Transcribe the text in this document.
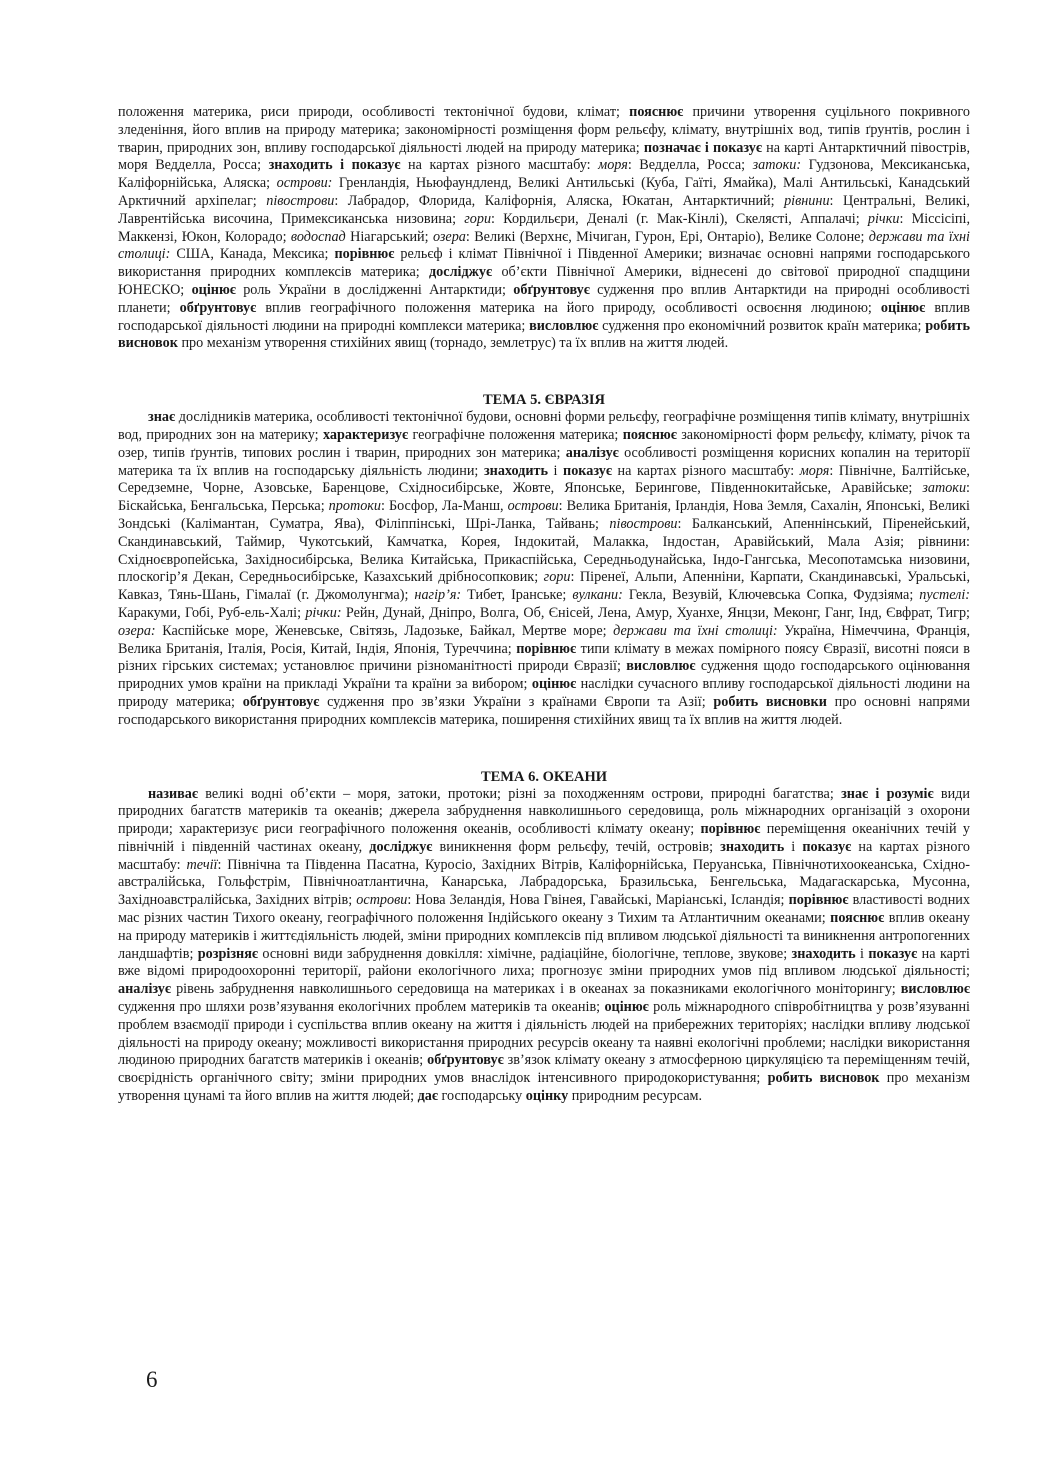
положення материка, риси природи, особливості тектонічної будови, клімат; пояснює причини утворення суцільного покривного зледеніння, його вплив на природу материка; закономірності розміщення форм рельєфу, клімату, внутрішніх вод, типів ґрунтів, рослин і тварин, природних зон, впливу господарської діяльності людей на природу материка; позначає і показує на карті Антарктичний півострів, моря Ведделла, Росса; знаходить і показує на картах різного масштабу: моря: Ведделла, Росса; затоки: Гудзонова, Мексиканська, Каліфорнійська, Аляска; острови: Гренландія, Ньюфаундленд, Великі Антильські (Куба, Гаїті, Ямайка), Малі Антильські, Канадський Арктичний архіпелаг; півострови: Лабрадор, Флорида, Каліфорнія, Аляска, Юкатан, Антарктичний; рівнини: Центральні, Великі, Лаврентійська височина, Примексиканська низовина; гори: Кордильєри, Деналі (г. Мак-Кінлі), Скелясті, Аппалачі; річки: Міссісіпі, Маккензі, Юкон, Колорадо; водоспад Ніагарський; озера: Великі (Верхнє, Мічиган, Гурон, Ері, Онтаріо), Велике Солоне; держави та їхні столиці: США, Канада, Мексика; порівнює рельєф і клімат Північної і Південної Америки; визначає основні напрями господарського використання природних комплексів материка; досліджує об’єкти Північної Америки, віднесені до світової природної спадщини ЮНЕСКО; оцінює роль України в дослідженні Антарктиди; обґрунтовує судження про вплив Антарктиди на природні особливості планети; обґрунтовує вплив географічного положення материка на його природу, особливості освоєння людиною; оцінює вплив господарської діяльності людини на природні комплекси материка; висловлює судження про економічний розвиток країн материка; робить висновок про механізм утворення стихійних явищ (торнадо, землетрус) та їх вплив на життя людей.

ТЕМА 5. ЄВРАЗІЯ

знає дослідників материка, особливості тектонічної будови, основні форми рельєфу, географічне розміщення типів клімату, внутрішніх вод, природних зон на материку; характеризує географічне положення материка; пояснює закономірності форм рельєфу, клімату, річок та озер, типів ґрунтів, типових рослин і тварин, природних зон материка; аналізує особливості розміщення корисних копалин на території материка та їх вплив на господарську діяльність людини; знаходить і показує на картах різного масштабу: моря: Північне, Балтійське, Середземне, Чорне, Азовське, Баренцове, Східносибірське, Жовте, Японське, Берингове, Південнокитайське, Аравійське; затоки: Біскайська, Бенгальська, Перська; протоки: Босфор, Ла-Манш, острови: Велика Британія, Ірландія, Нова Земля, Сахалін, Японські, Великі Зондські (Калімантан, Суматра, Ява), Філіппінські, Шрі-Ланка, Тайвань; півострови: Балканський, Апеннінський, Піренейський, Скандинавський, Таймир, Чукотський, Камчатка, Корея, Індокитай, Малакка, Індостан, Аравійський, Мала Азія; рівнини: Східноєвропейська, Західносибірська, Велика Китайська, Прикаспійська, Середньодунайська, Індо-Гангська, Месопотамська низовини, плоскогір’я Декан, Середньосибірське, Казахський дрібносопковик; гори: Піренеї, Альпи, Апенніни, Карпати, Скандинавські, Уральські, Кавказ, Тянь-Шань, Гімалаї (г. Джомолунгма); нагір’я: Тибет, Іранське; вулкани: Гекла, Везувій, Ключевська Сопка, Фудзіяма; пустелі: Каракуми, Гобі, Руб-ель-Халі; річки: Рейн, Дунай, Дніпро, Волга, Об, Єнісей, Лена, Амур, Хуанхе, Янцзи, Меконг, Ганг, Інд, Євфрат, Тигр; озера: Каспійське море, Женевське, Світязь, Ладозьке, Байкал, Мертве море; держави та їхні столиці: Україна, Німеччина, Франція, Велика Британія, Італія, Росія, Китай, Індія, Японія, Туреччина; порівнює типи клімату в межах помірного поясу Євразії, висотні пояси в різних гірських системах; установлює причини різноманітності природи Євразії; висловлює судження щодо господарського оцінювання природних умов країни на прикладі України та країни за вибором; оцінює наслідки сучасного впливу господарської діяльності людини на природу материка; обґрунтовує судження про зв’язки України з країнами Європи та Азії; робить висновки про основні напрями господарського використання природних комплексів материка, поширення стихійних явищ та їх вплив на життя людей.

ТЕМА 6. ОКЕАНИ

називає великі водні об’єкти – моря, затоки, протоки; різні за походженням острови, природні багатства; знає і розуміє види природних багатств материків та океанів; джерела забруднення навколишнього середовища, роль міжнародних організацій з охорони природи; характеризує риси географічного положення океанів, особливості клімату океану; порівнює переміщення океанічних течій у північній і південній частинах океану, досліджує виникнення форм рельєфу, течій, островів; знаходить і показує на картах різного масштабу: течії: Північна та Південна Пасатна, Куросіо, Західних Вітрів, Каліфорнійська, Перуанська, Північнотихоокеанська, Східноавстралійська, Гольфстрім, Північноатлантична, Канарська, Лабрадорська, Бразильська, Бенгельська, Мадагаскарська, Мусонна, Західноавстралійська, Західних вітрів; острови: Нова Зеландія, Нова Гвінея, Гавайські, Маріанські, Ісландія; порівнює властивості водних мас різних частин Тихого океану, географічного положення Індійського океану з Тихим та Атлантичним океанами; пояснює вплив океану на природу материків і життєдіяльність людей, зміни природних комплексів під впливом людської діяльності та виникнення антропогенних ландшафтів; розрізняє основні види забруднення довкілля: хімічне, радіаційне, біологічне, теплове, звукове; знаходить і показує на карті вже відомі природоохоронні території, райони екологічного лиха; прогнозує зміни природних умов під впливом людської діяльності; аналізує рівень забруднення навколишнього середовища на материках і в океанах за показниками екологічного моніторингу; висловлює судження про шляхи розв’язування екологічних проблем материків та океанів; оцінює роль міжнародного співробітництва у розв’язуванні проблем взаємодії природи і суспільства вплив океану на життя і діяльність людей на прибережних територіях; наслідки впливу людської діяльності на природу океану; можливості використання природних ресурсів океану та наявні екологічні проблеми; наслідки використання людиною природних багатств материків і океанів; обґрунтовує зв’язок клімату океану з атмосферною циркуляцією та переміщенням течій, своєрідність органічного світу; зміни природних умов внаслідок інтенсивного природокористування; робить висновок про механізм утворення цунамі та його вплив на життя людей; дає господарську оцінку природним ресурсам.

6
